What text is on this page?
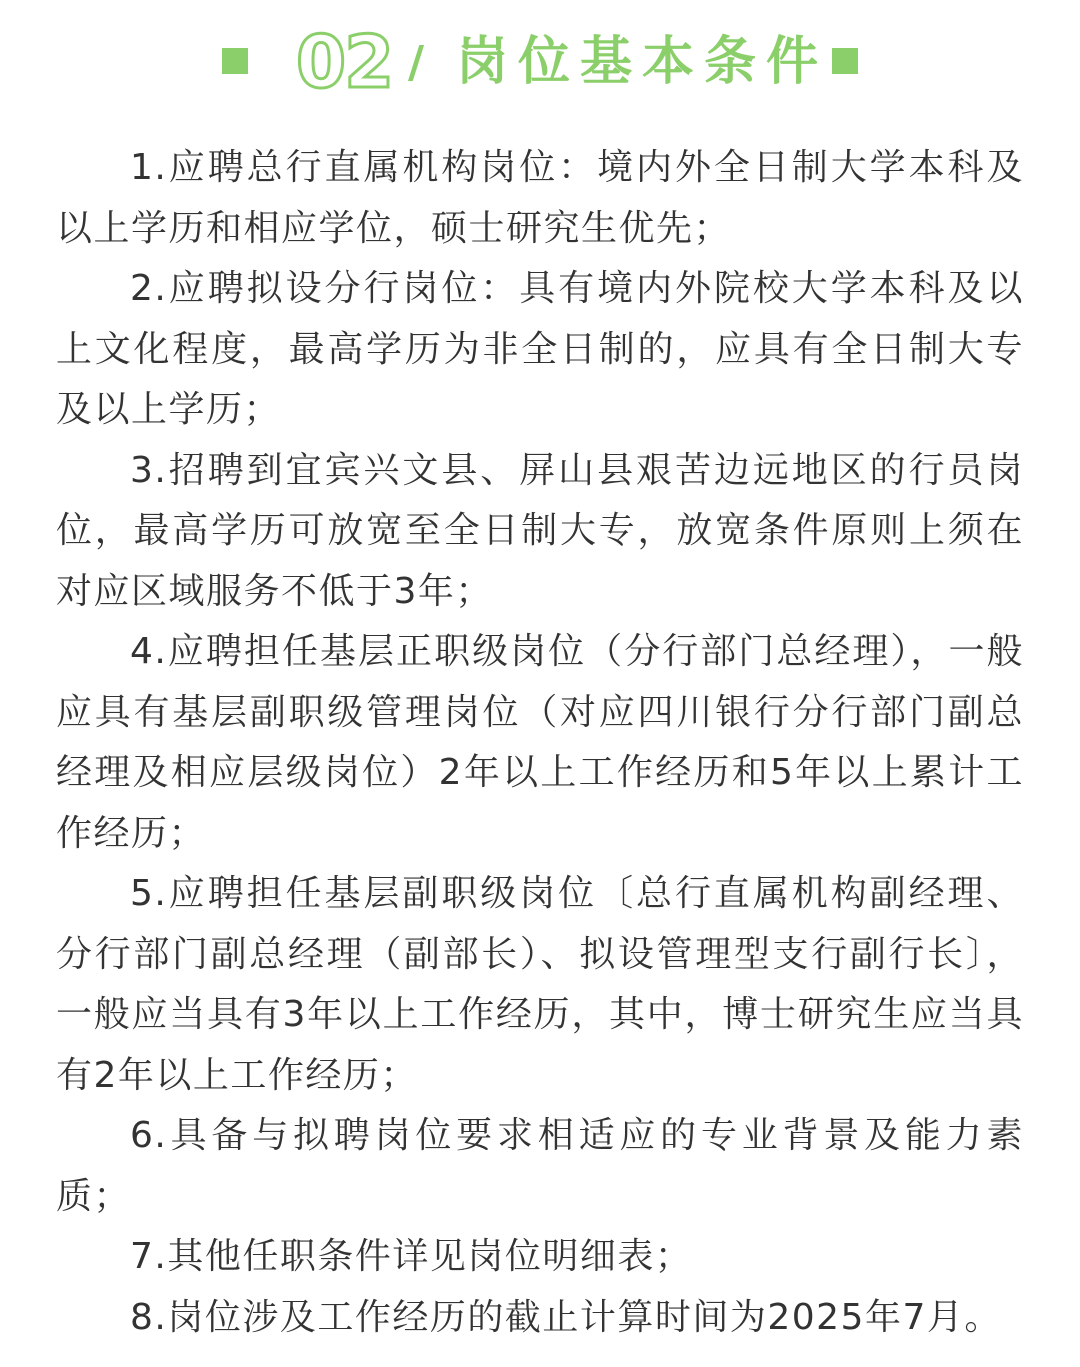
02 / 岗位基本条件

1.应聘总行直属机构岗位：境内外全日制大学本科及以上学历和相应学位，硕士研究生优先；

2.应聘拟设分行岗位：具有境内外院校大学本科及以上文化程度，最高学历为非全日制的，应具有全日制大专及以上学历；

3.招聘到宜宾兴文县、屏山县艰苦边远地区的行员岗位，最高学历可放宽至全日制大专，放宽条件原则上须在对应区域服务不低于3年；

4.应聘担任基层正职级岗位（分行部门总经理），一般应具有基层副职级管理岗位（对应四川银行分行部门副总经理及相应层级岗位）2年以上工作经历和5年以上累计工作经历；

5.应聘担任基层副职级岗位〔总行直属机构副经理、分行部门副总经理（副部长）、拟设管理型支行副行长〕，一般应当具有3年以上工作经历，其中，博士研究生应当具有2年以上工作经历；

6.具备与拟聘岗位要求相适应的专业背景及能力素质；

7.其他任职条件详见岗位明细表；

8.岗位涉及工作经历的截止计算时间为2025年7月。
